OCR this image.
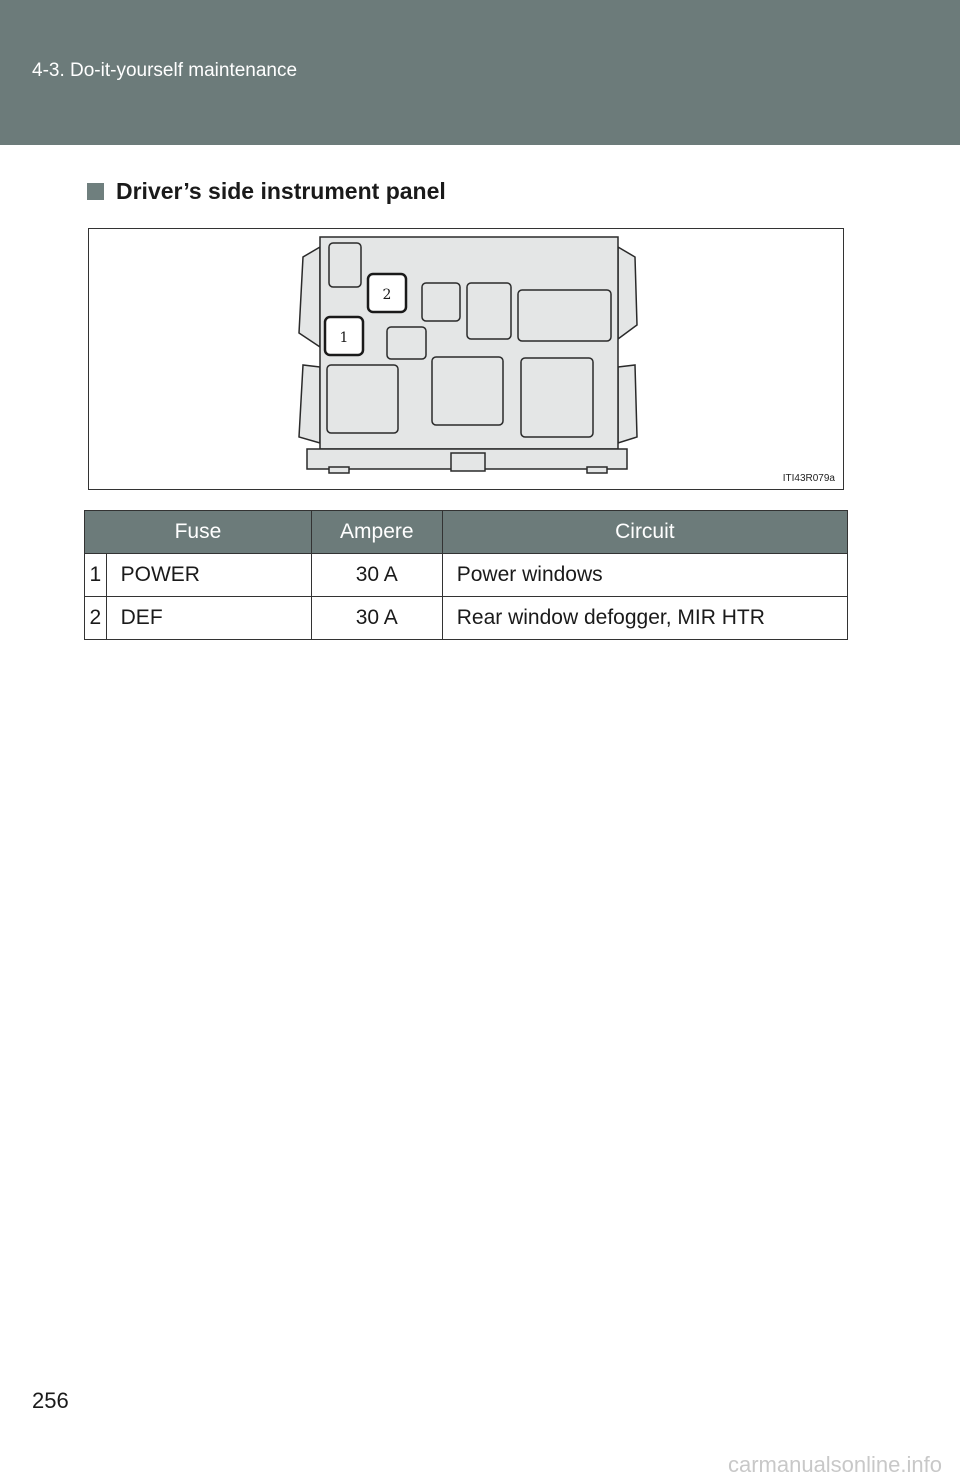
4-3. Do-it-yourself maintenance
Driver’s side instrument panel
2
1
ITI43R079a
Fuse		Ampere	Circuit
1	POWER	30 A	Power windows
2	DEF	30 A	Rear window defogger, MIR HTR
256
carmanualsonline.info
